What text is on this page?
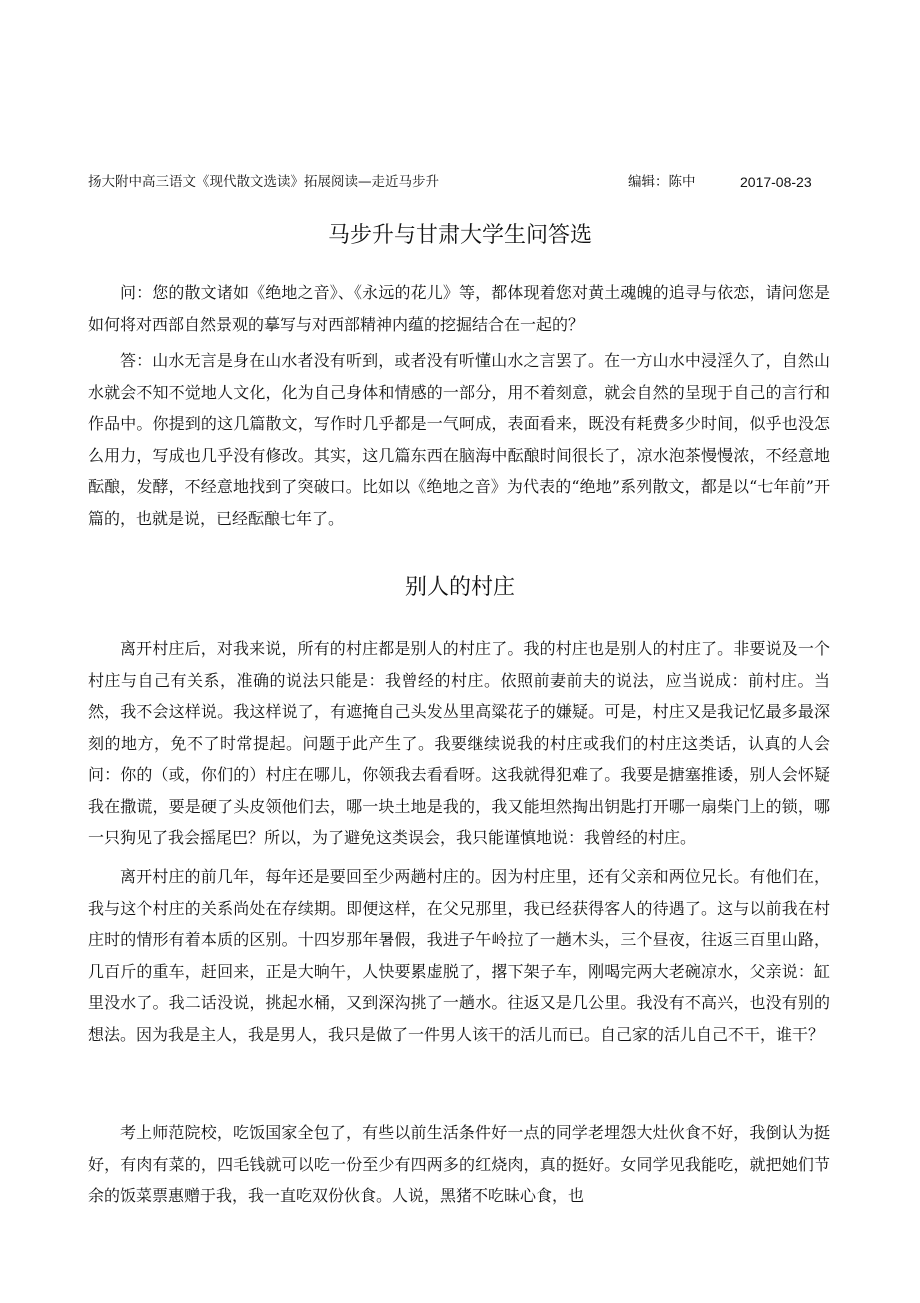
扬大附中高三语文《现代散文选读》拓展阅读—走近马步升	编辑：陈中	2017-08-23
马步升与甘肃大学生问答选

问：您的散文诸如《绝地之音》、《永远的花儿》等，都体现着您对黄土魂魄的追寻与依恋，请问您是如何将对西部自然景观的摹写与对西部精神内蕴的挖掘结合在一起的？

答：山水无言是身在山水者没有听到，或者没有听懂山水之言罢了。在一方山水中浸淫久了，自然山水就会不知不觉地人文化，化为自己身体和情感的一部分，用不着刻意，就会自然的呈现于自己的言行和作品中。你提到的这几篇散文，写作时几乎都是一气呵成，表面看来，既没有耗费多少时间，似乎也没怎么用力，写成也几乎没有修改。其实，这几篇东西在脑海中酝酿时间很长了，凉水泡茶慢慢浓，不经意地酝酿，发酵，不经意地找到了突破口。比如以《绝地之音》为代表的“绝地”系列散文，都是以“七年前”开篇的，也就是说，已经酝酿七年了。

别人的村庄

离开村庄后，对我来说，所有的村庄都是别人的村庄了。我的村庄也是别人的村庄了。非要说及一个村庄与自己有关系，准确的说法只能是：我曾经的村庄。依照前妻前夫的说法，应当说成：前村庄。当然，我不会这样说。我这样说了，有遮掩自己头发丛里高粱花子的嫌疑。可是，村庄又是我记忆最多最深刻的地方，免不了时常提起。问题于此产生了。我要继续说我的村庄或我们的村庄这类话，认真的人会问：你的（或，你们的）村庄在哪儿，你领我去看看呀。这我就得犯难了。我要是搪塞推诿，别人会怀疑我在撒谎，要是硬了头皮领他们去，哪一块土地是我的，我又能坦然掏出钥匙打开哪一扇柴门上的锁，哪一只狗见了我会摇尾巴？所以，为了避免这类误会，我只能谨慎地说：我曾经的村庄。

离开村庄的前几年，每年还是要回至少两趟村庄的。因为村庄里，还有父亲和两位兄长。有他们在，我与这个村庄的关系尚处在存续期。即便这样，在父兄那里，我已经获得客人的待遇了。这与以前我在村庄时的情形有着本质的区别。十四岁那年暑假，我进子午岭拉了一趟木头，三个昼夜，往返三百里山路，几百斤的重车，赶回来，正是大晌午，人快要累虚脱了，撂下架子车，刚喝完两大老碗凉水，父亲说：缸里没水了。我二话没说，挑起水桶，又到深沟挑了一趟水。往返又是几公里。我没有不高兴，也没有别的想法。因为我是主人，我是男人，我只是做了一件男人该干的活儿而已。自己家的活儿自己不干，谁干？

考上师范院校，吃饭国家全包了，有些以前生活条件好一点的同学老埋怨大灶伙食不好，我倒认为挺好，有肉有菜的，四毛钱就可以吃一份至少有四两多的红烧肉，真的挺好。女同学见我能吃，就把她们节余的饭菜票惠赠于我，我一直吃双份伙食。人说，黑猪不吃昧心食，也
